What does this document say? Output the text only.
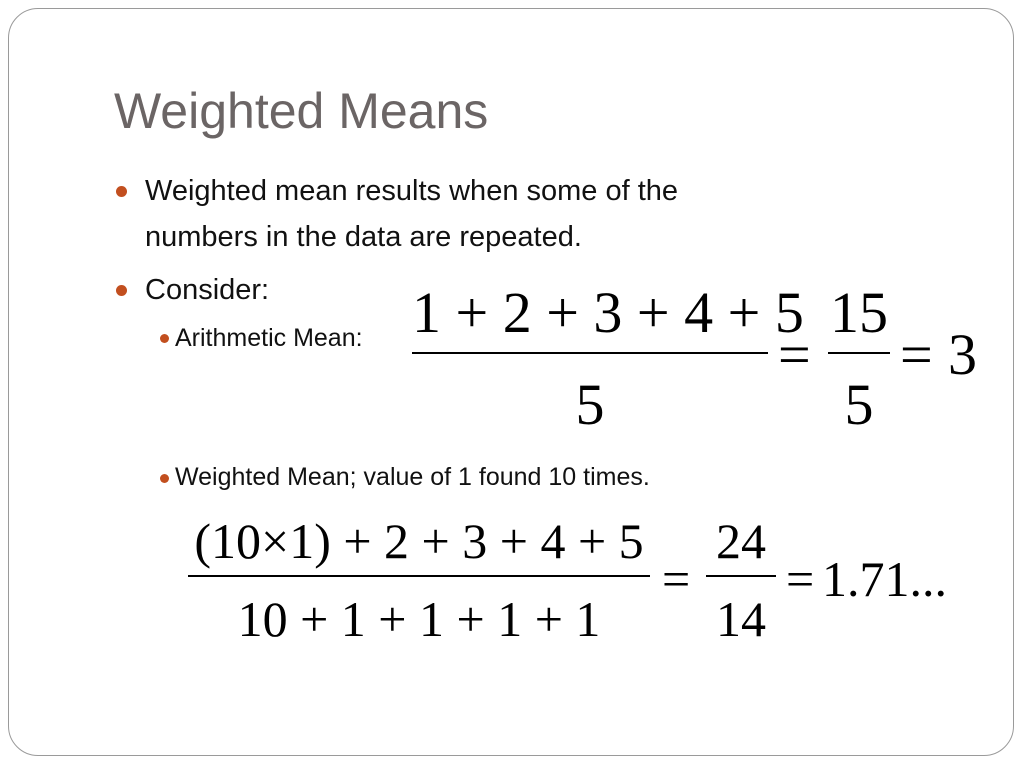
Weighted Means

Weighted mean results when some of the
numbers in the data are repeated.

Consider:

Arithmetic Mean:

Weighted Mean; value of 1 found 10 times.

1 + 2 + 3 + 4 + 5
5
=
15
5
= 3
(10×1) + 2 + 3 + 4 + 5
10 + 1 + 1 + 1 + 1
=
24
14
= 1.71...
